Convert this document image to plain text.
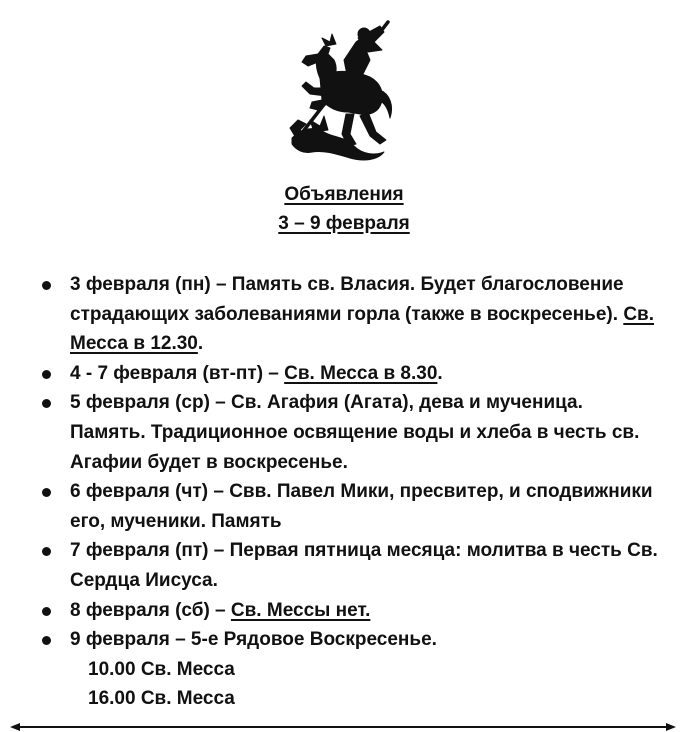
Объявления
3 – 9 февраля
3 февраля (пн) – Память св. Власия. Будет благословение страдающих заболеваниями горла (также в воскресенье). Св. Месса в 12.30.
4 - 7 февраля (вт-пт) – Св. Месса в 8.30.
5 февраля (ср) – Св. Агафия (Агата), дева и мученица. Память. Традиционное освящение воды и хлеба в честь св. Агафии будет в воскресенье.
6 февраля (чт) – Свв. Павел Мики, пресвитер, и сподвижники его, мученики. Память
7 февраля (пт) – Первая пятница месяца: молитва в честь Св. Сердца Иисуса.
8 февраля (сб) – Св. Мессы нет.
9 февраля – 5-е Рядовое Воскресенье.
10.00 Св. Месса
16.00 Св. Месса
